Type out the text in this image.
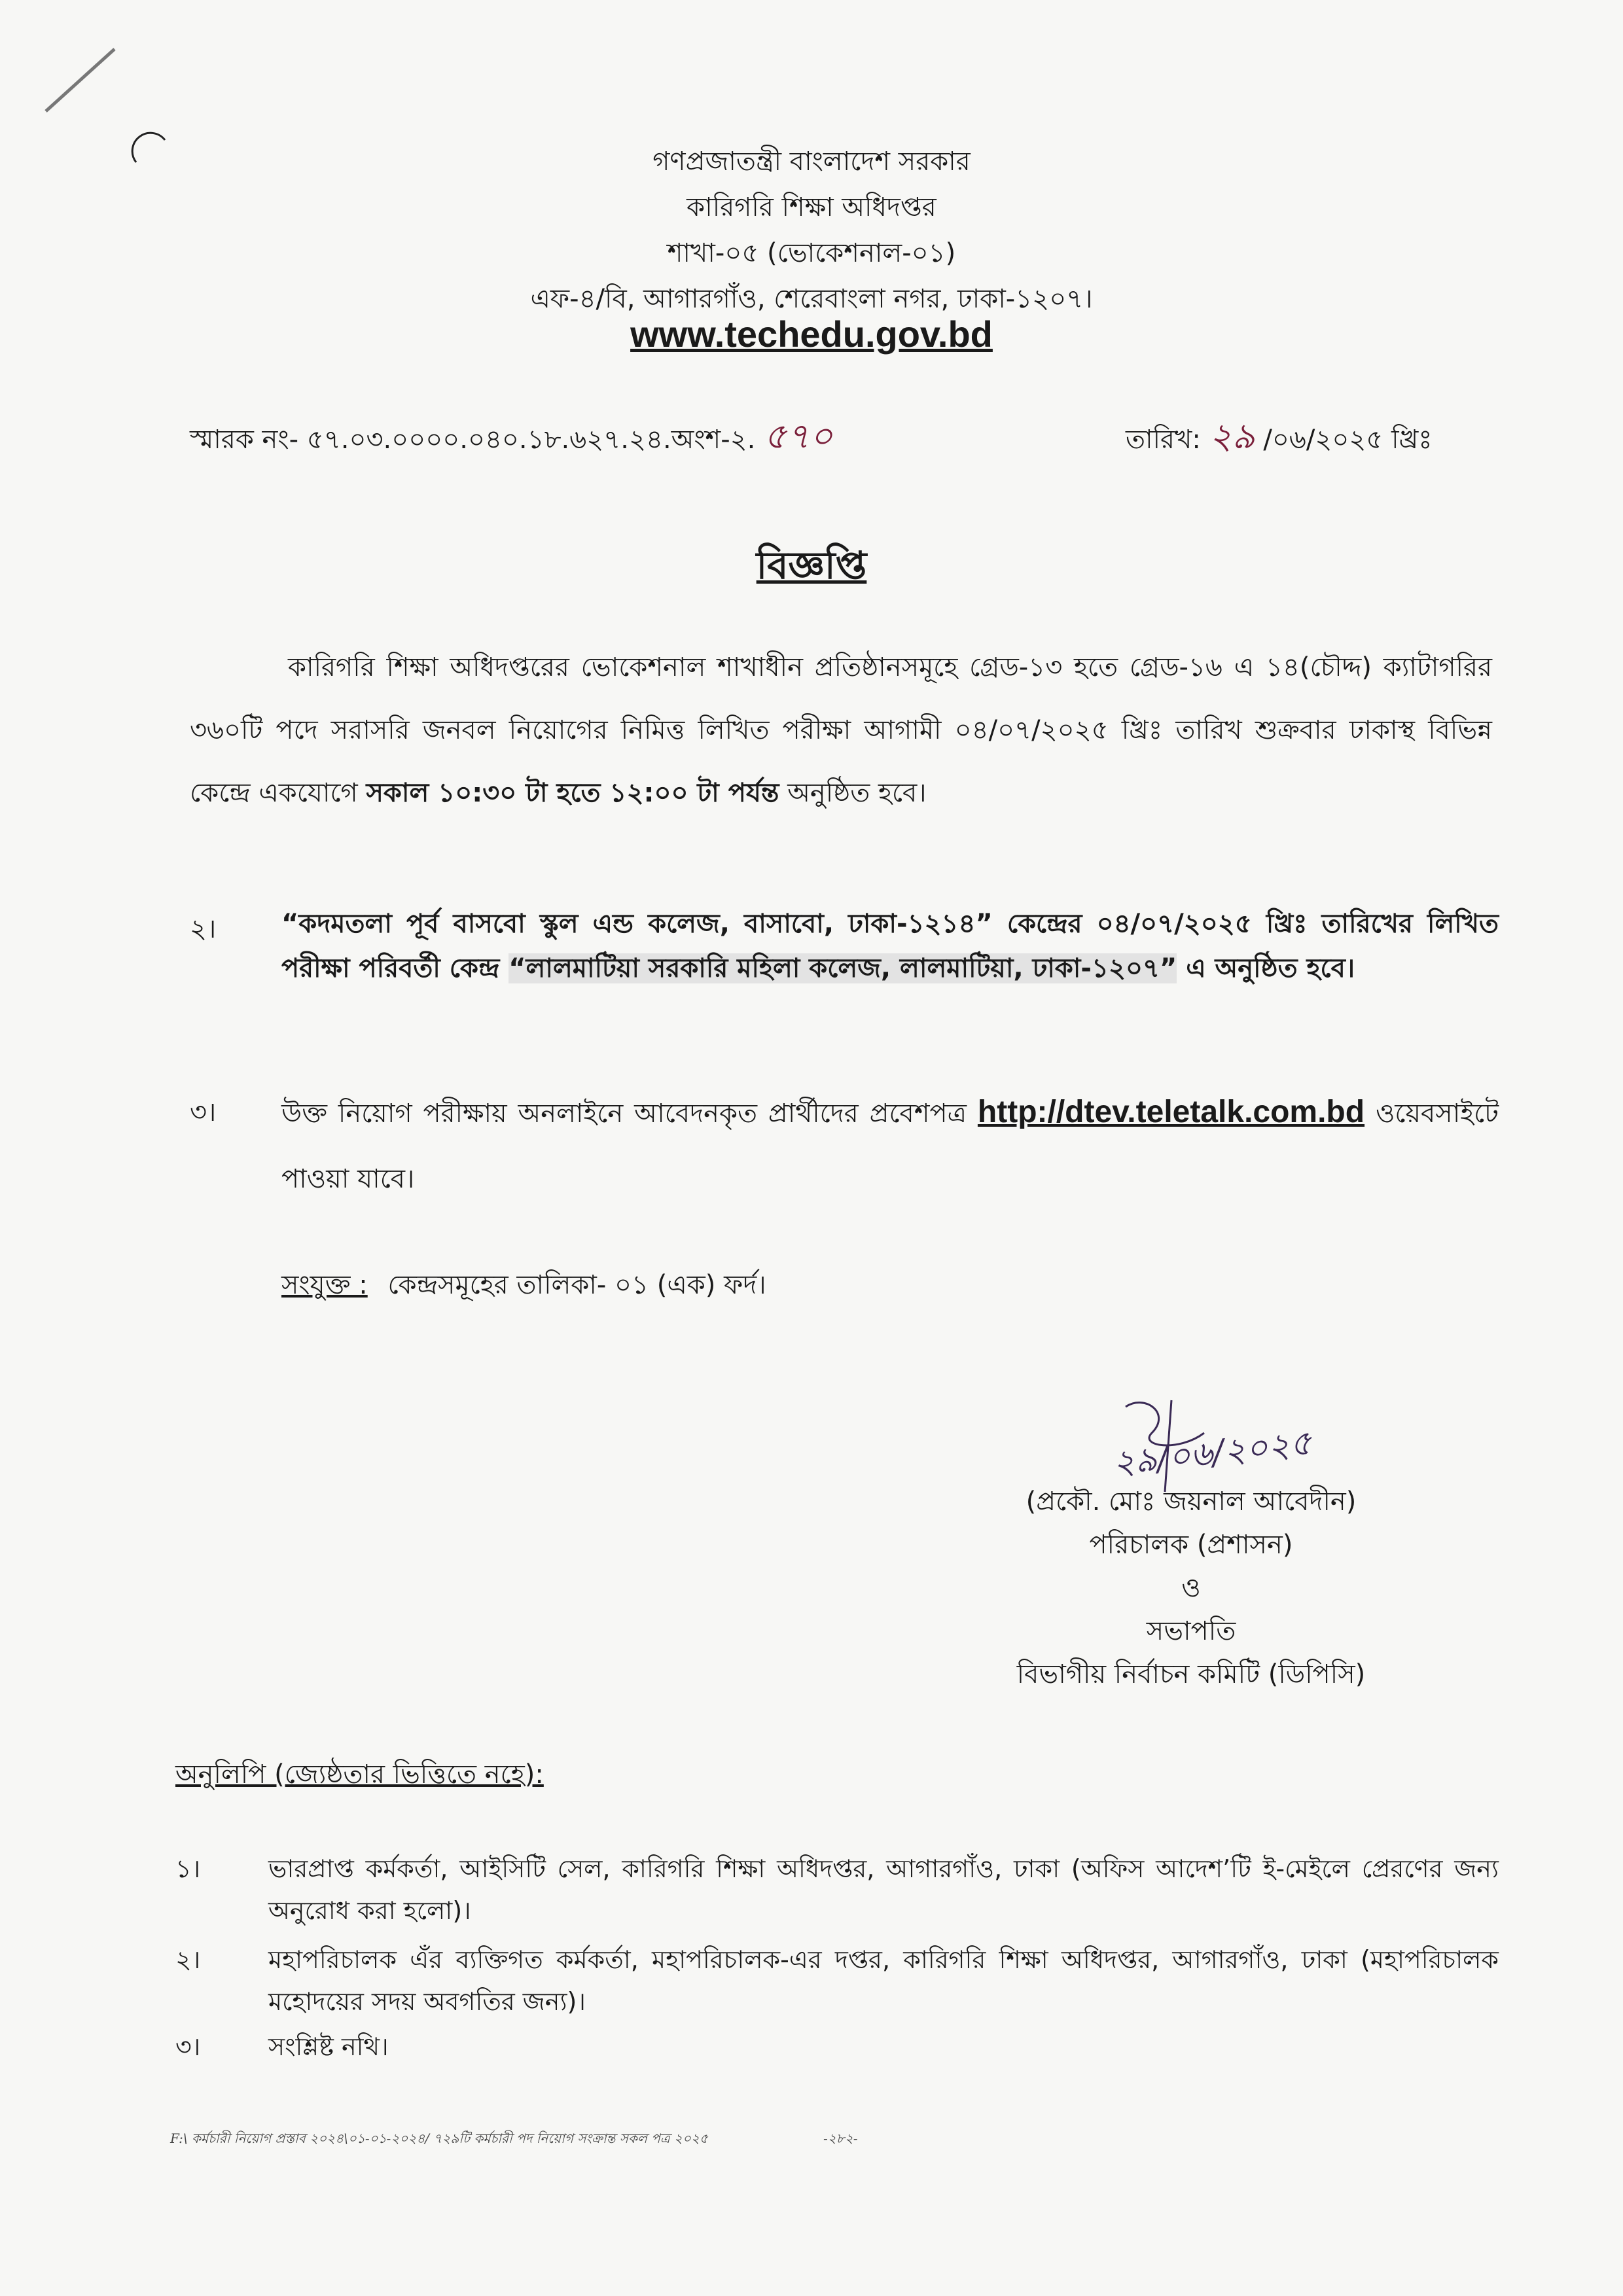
গণপ্রজাতন্ত্রী বাংলাদেশ সরকার
কারিগরি শিক্ষা অধিদপ্তর
শাখা-০৫ (ভোকেশনাল-০১)
এফ-৪/বি, আগারগাঁও, শেরেবাংলা নগর, ঢাকা-১২০৭।
www.techedu.gov.bd
স্মারক নং- ৫৭.০৩.০০০০.০৪০.১৮.৬২৭.২৪.অংশ-২. ৫৭০	তারিখ: ২৯ /০৬/২০২৫ খ্রিঃ
বিজ্ঞপ্তি
কারিগরি শিক্ষা অধিদপ্তরের ভোকেশনাল শাখাধীন প্রতিষ্ঠানসমূহে গ্রেড-১৩ হতে গ্রেড-১৬ এ ১৪(চৌদ্দ) ক্যাটাগরির ৩৬০টি পদে সরাসরি জনবল নিয়োগের নিমিত্ত লিখিত পরীক্ষা আগামী ০৪/০৭/২০২৫ খ্রিঃ তারিখ শুক্রবার ঢাকাস্থ বিভিন্ন কেন্দ্রে একযোগে সকাল ১০:৩০ টা হতে ১২:০০ টা পর্যন্ত অনুষ্ঠিত হবে।
২। “কদমতলা পূর্ব বাসবো স্কুল এন্ড কলেজ, বাসাবো, ঢাকা-১২১৪” কেন্দ্রের ০৪/০৭/২০২৫ খ্রিঃ তারিখের লিখিত পরীক্ষা পরিবর্তী কেন্দ্র “লালমাটিয়া সরকারি মহিলা কলেজ, লালমাটিয়া, ঢাকা-১২০৭” এ অনুষ্ঠিত হবে।
৩। উক্ত নিয়োগ পরীক্ষায় অনলাইনে আবেদনকৃত প্রার্থীদের প্রবেশপত্র http://dtev.teletalk.com.bd ওয়েবসাইটে পাওয়া যাবে।
সংযুক্ত : কেন্দ্রসমূহের তালিকা- ০১ (এক) ফর্দ।
২৯/০৬/২০২৫
(প্রকৌ. মোঃ জয়নাল আবেদীন)
পরিচালক (প্রশাসন)
ও
সভাপতি
বিভাগীয় নির্বাচন কমিটি (ডিপিসি)
অনুলিপি (জ্যেষ্ঠতার ভিত্তিতে নহে):
১।	ভারপ্রাপ্ত কর্মকর্তা, আইসিটি সেল, কারিগরি শিক্ষা অধিদপ্তর, আগারগাঁও, ঢাকা (অফিস আদেশ’টি ই-মেইলে প্রেরণের জন্য অনুরোধ করা হলো)।
২।	মহাপরিচালক এঁর ব্যক্তিগত কর্মকর্তা, মহাপরিচালক-এর দপ্তর, কারিগরি শিক্ষা অধিদপ্তর, আগারগাঁও, ঢাকা (মহাপরিচালক মহোদয়ের সদয় অবগতির জন্য)।
৩।	সংশ্লিষ্ট নথি।
F:\ কর্মচারী নিয়োগ প্রস্তাব ২০২৪\০১-০১-২০২৪/ ৭২৯টি কর্মচারী পদ নিয়োগ সংক্রান্ত সকল পত্র ২০২৫	-২৮২-
